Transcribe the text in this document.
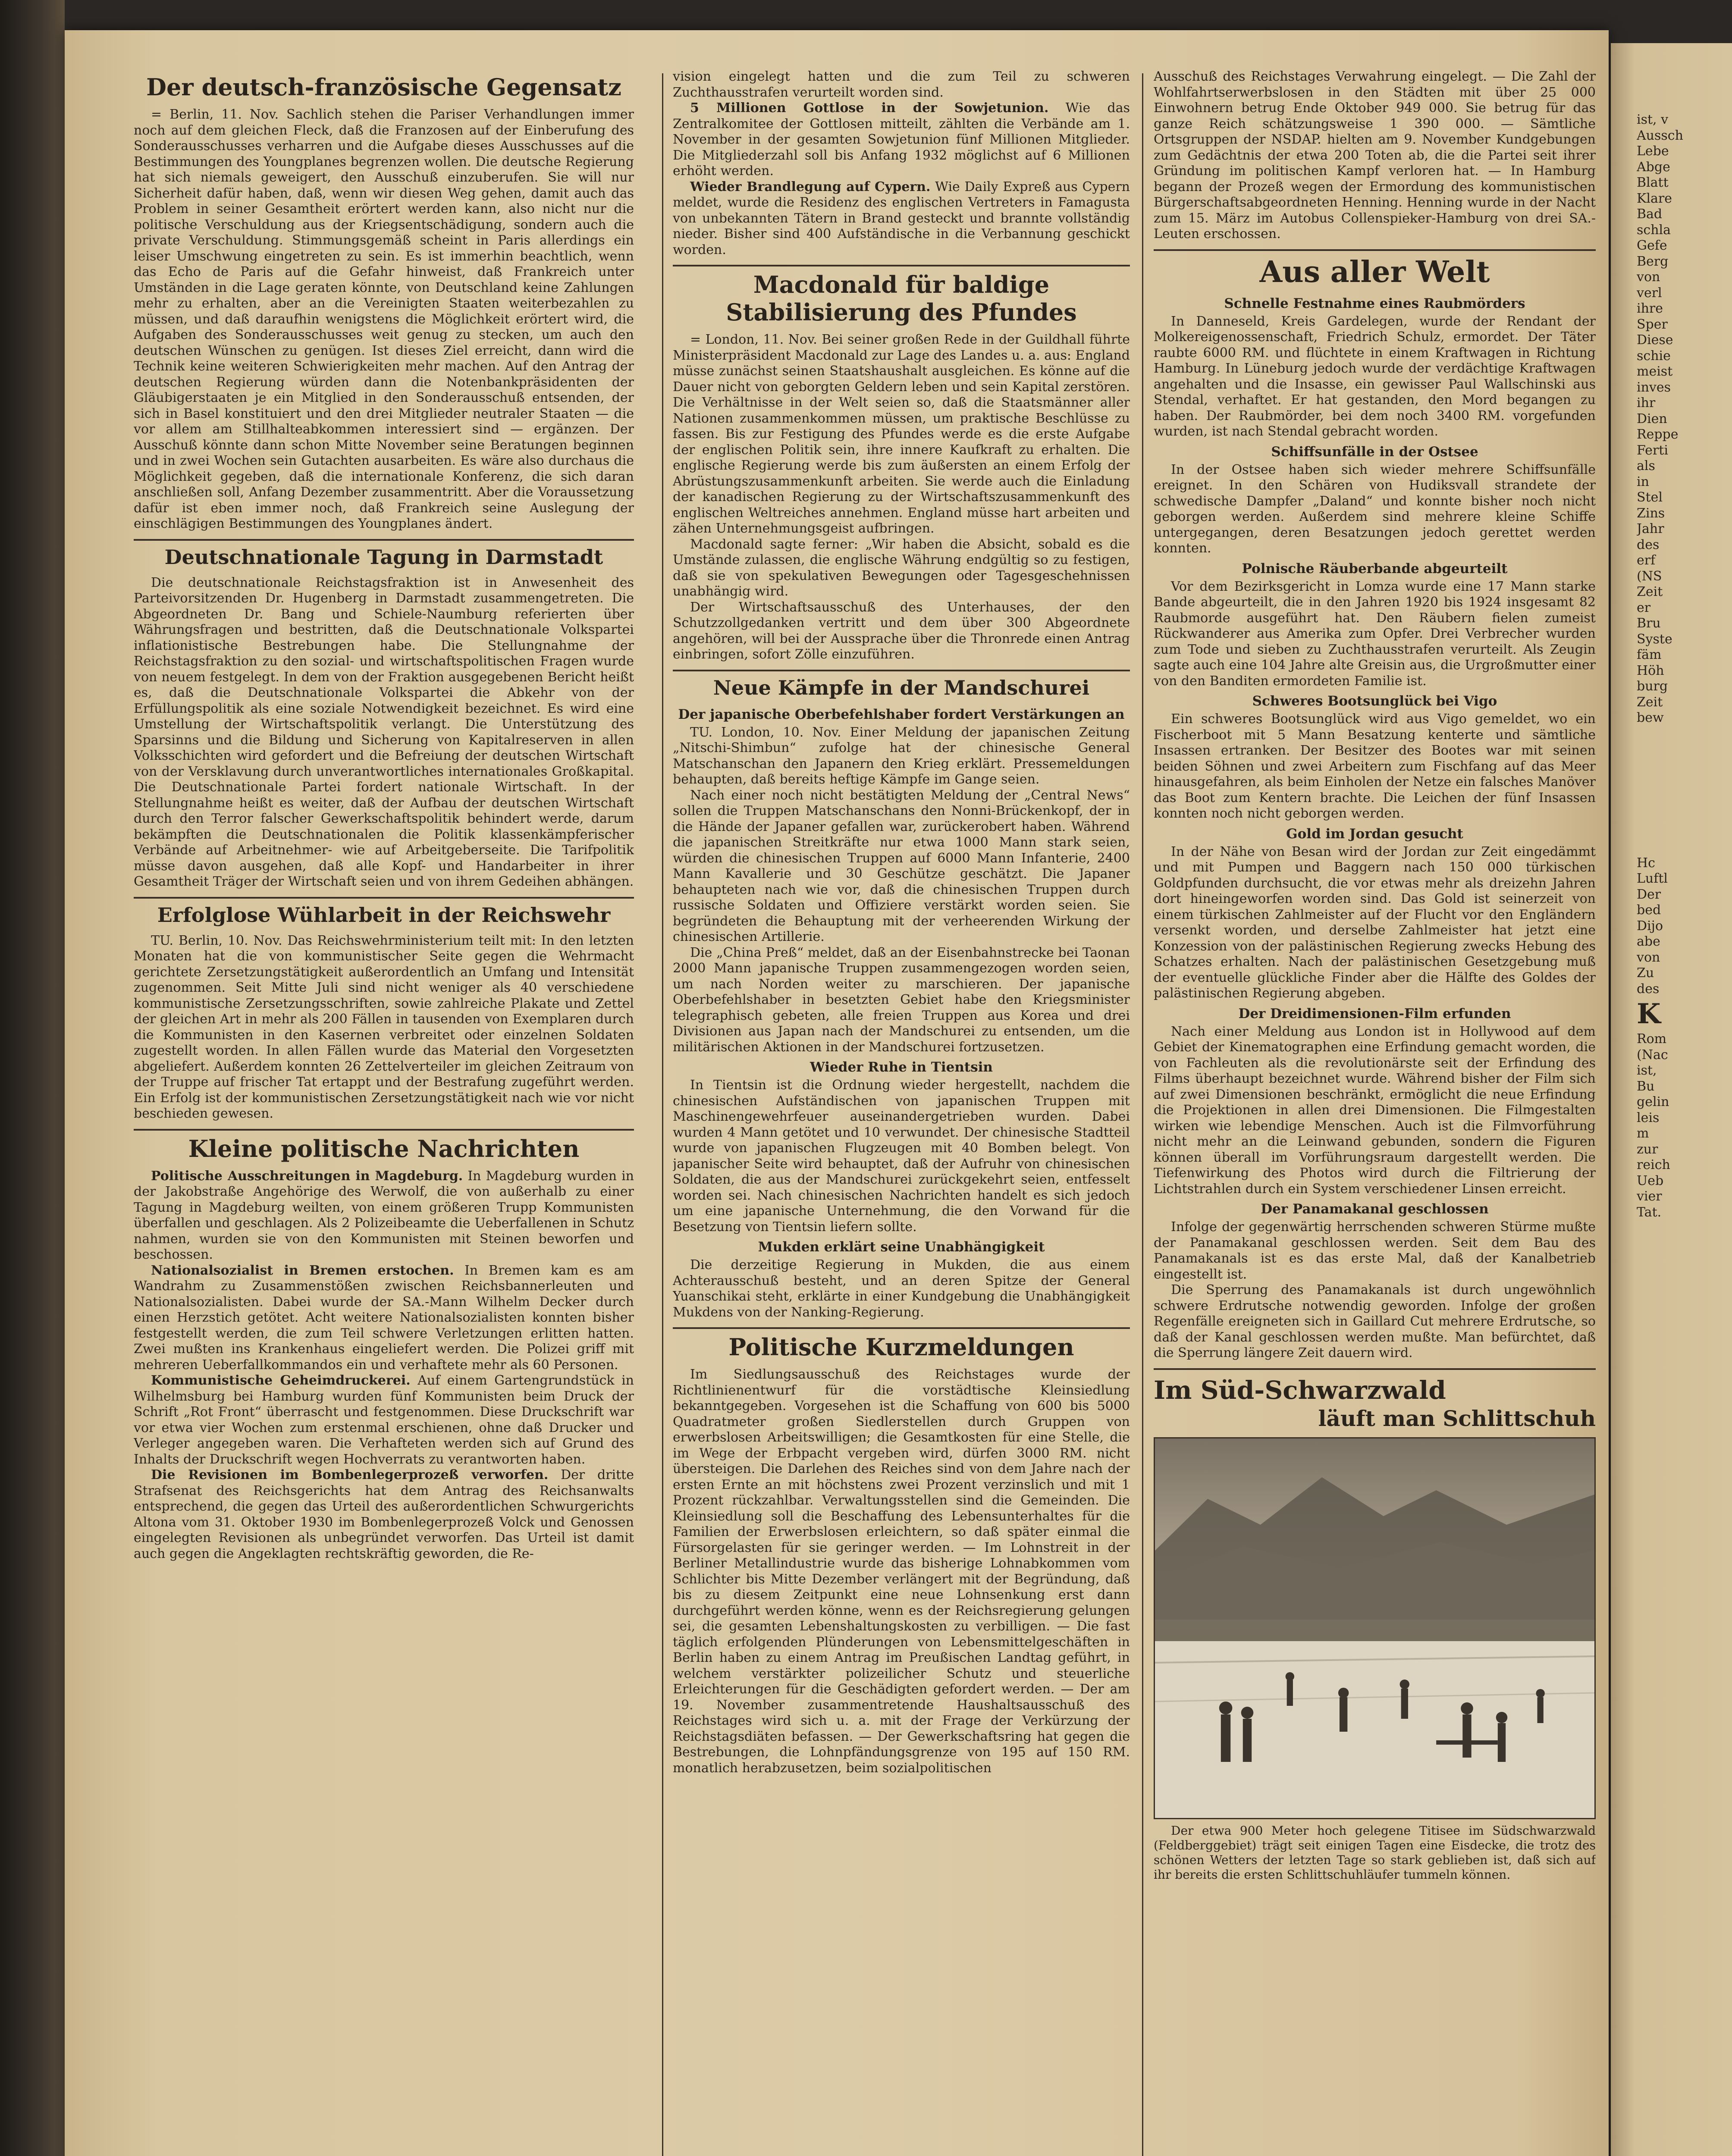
Der deutsch-französische Gegensatz

= Berlin, 11. Nov. Sachlich stehen die Pariser Verhandlungen immer noch auf dem gleichen Fleck, daß die Franzosen auf der Einberufung des Sonderausschusses verharren und die Aufgabe dieses Ausschusses auf die Bestimmungen des Youngplanes begrenzen wollen. Die deutsche Regierung hat sich niemals geweigert, den Ausschuß einzuberufen. Sie will nur Sicherheit dafür haben, daß, wenn wir diesen Weg gehen, damit auch das Problem in seiner Gesamtheit erörtert werden kann, also nicht nur die politische Verschuldung aus der Kriegsentschädigung, sondern auch die private Verschuldung. Stimmungsgemäß scheint in Paris allerdings ein leiser Umschwung eingetreten zu sein. Es ist immerhin beachtlich, wenn das Echo de Paris auf die Gefahr hinweist, daß Frankreich unter Umständen in die Lage geraten könnte, von Deutschland keine Zahlungen mehr zu erhalten, aber an die Vereinigten Staaten weiterbezahlen zu müssen, und daß daraufhin wenigstens die Möglichkeit erörtert wird, die Aufgaben des Sonderausschusses weit genug zu stecken, um auch den deutschen Wünschen zu genügen. Ist dieses Ziel erreicht, dann wird die Technik keine weiteren Schwierigkeiten mehr machen. Auf den Antrag der deutschen Regierung würden dann die Notenbankpräsidenten der Gläubigerstaaten je ein Mitglied in den Sonderausschuß entsenden, der sich in Basel konstituiert und den drei Mitglieder neutraler Staaten — die vor allem am Stillhalteabkommen interessiert sind — ergänzen. Der Ausschuß könnte dann schon Mitte November seine Beratungen beginnen und in zwei Wochen sein Gutachten ausarbeiten. Es wäre also durchaus die Möglichkeit gegeben, daß die internationale Konferenz, die sich daran anschließen soll, Anfang Dezember zusammentritt. Aber die Voraussetzung dafür ist eben immer noch, daß Frankreich seine Auslegung der einschlägigen Bestimmungen des Youngplanes ändert.

Deutschnationale Tagung in Darmstadt

Die deutschnationale Reichstagsfraktion ist in Anwesenheit des Parteivorsitzenden Dr. Hugenberg in Darmstadt zusammengetreten. Die Abgeordneten Dr. Bang und Schiele-Naumburg referierten über Währungsfragen und bestritten, daß die Deutschnationale Volkspartei inflationistische Bestrebungen habe. Die Stellungnahme der Reichstagsfraktion zu den sozial- und wirtschaftspolitischen Fragen wurde von neuem festgelegt. In dem von der Fraktion ausgegebenen Bericht heißt es, daß die Deutschnationale Volkspartei die Abkehr von der Erfüllungspolitik als eine soziale Notwendigkeit bezeichnet. Es wird eine Umstellung der Wirtschaftspolitik verlangt. Die Unterstützung des Sparsinns und die Bildung und Sicherung von Kapitalreserven in allen Volksschichten wird gefordert und die Befreiung der deutschen Wirtschaft von der Versklavung durch unverantwortliches internationales Großkapital. Die Deutschnationale Partei fordert nationale Wirtschaft. In der Stellungnahme heißt es weiter, daß der Aufbau der deutschen Wirtschaft durch den Terror falscher Gewerkschaftspolitik behindert werde, darum bekämpften die Deutschnationalen die Politik klassenkämpferischer Verbände auf Arbeitnehmer- wie auf Arbeitgeberseite. Die Tarifpolitik müsse davon ausgehen, daß alle Kopf- und Handarbeiter in ihrer Gesamtheit Träger der Wirtschaft seien und von ihrem Gedeihen abhängen.

Erfolglose Wühlarbeit in der Reichswehr

TU. Berlin, 10. Nov. Das Reichswehrministerium teilt mit: In den letzten Monaten hat die von kommunistischer Seite gegen die Wehrmacht gerichtete Zersetzungstätigkeit außerordentlich an Umfang und Intensität zugenommen. Seit Mitte Juli sind nicht weniger als 40 verschiedene kommunistische Zersetzungsschriften, sowie zahlreiche Plakate und Zettel der gleichen Art in mehr als 200 Fällen in tausenden von Exemplaren durch die Kommunisten in den Kasernen verbreitet oder einzelnen Soldaten zugestellt worden. In allen Fällen wurde das Material den Vorgesetzten abgeliefert. Außerdem konnten 26 Zettelverteiler im gleichen Zeitraum von der Truppe auf frischer Tat ertappt und der Bestrafung zugeführt werden. Ein Erfolg ist der kommunistischen Zersetzungstätigkeit nach wie vor nicht beschieden gewesen.

Kleine politische Nachrichten

Politische Ausschreitungen in Magdeburg. In Magdeburg wurden in der Jakobstraße Angehörige des Werwolf, die von außerhalb zu einer Tagung in Magdeburg weilten, von einem größeren Trupp Kommunisten überfallen und geschlagen. Als 2 Polizeibeamte die Ueberfallenen in Schutz nahmen, wurden sie von den Kommunisten mit Steinen beworfen und beschossen.

Nationalsozialist in Bremen erstochen. In Bremen kam es am Wandrahm zu Zusammenstößen zwischen Reichsbannerleuten und Nationalsozialisten. Dabei wurde der SA.-Mann Wilhelm Decker durch einen Herzstich getötet. Acht weitere Nationalsozialisten konnten bisher festgestellt werden, die zum Teil schwere Verletzungen erlitten hatten. Zwei mußten ins Krankenhaus eingeliefert werden. Die Polizei griff mit mehreren Ueberfallkommandos ein und verhaftete mehr als 60 Personen.

Kommunistische Geheimdruckerei. Auf einem Gartengrundstück in Wilhelmsburg bei Hamburg wurden fünf Kommunisten beim Druck der Schrift „Rot Front“ überrascht und festgenommen. Diese Druckschrift war vor etwa vier Wochen zum erstenmal erschienen, ohne daß Drucker und Verleger angegeben waren. Die Verhafteten werden sich auf Grund des Inhalts der Druckschrift wegen Hochverrats zu verantworten haben.

Die Revisionen im Bombenlegerprozeß verworfen. Der dritte Strafsenat des Reichsgerichts hat dem Antrag des Reichsanwalts entsprechend, die gegen das Urteil des außerordentlichen Schwurgerichts Altona vom 31. Oktober 1930 im Bombenlegerprozeß Volck und Genossen eingelegten Revisionen als unbegründet verworfen. Das Urteil ist damit auch gegen die Angeklagten rechtskräftig geworden, die Re-

vision eingelegt hatten und die zum Teil zu schweren Zuchthausstrafen verurteilt worden sind.

5 Millionen Gottlose in der Sowjetunion. Wie das Zentralkomitee der Gottlosen mitteilt, zählten die Verbände am 1. November in der gesamten Sowjetunion fünf Millionen Mitglieder. Die Mitgliederzahl soll bis Anfang 1932 möglichst auf 6 Millionen erhöht werden.

Wieder Brandlegung auf Cypern. Wie Daily Expreß aus Cypern meldet, wurde die Residenz des englischen Vertreters in Famagusta von unbekannten Tätern in Brand gesteckt und brannte vollständig nieder. Bisher sind 400 Aufständische in die Verbannung geschickt worden.

Macdonald für baldige Stabilisierung des Pfundes

= London, 11. Nov. Bei seiner großen Rede in der Guildhall führte Ministerpräsident Macdonald zur Lage des Landes u. a. aus: England müsse zunächst seinen Staatshaushalt ausgleichen. Es könne auf die Dauer nicht von geborgten Geldern leben und sein Kapital zerstören. Die Verhältnisse in der Welt seien so, daß die Staatsmänner aller Nationen zusammenkommen müssen, um praktische Beschlüsse zu fassen. Bis zur Festigung des Pfundes werde es die erste Aufgabe der englischen Politik sein, ihre innere Kaufkraft zu erhalten. Die englische Regierung werde bis zum äußersten an einem Erfolg der Abrüstungszusammenkunft arbeiten. Sie werde auch die Einladung der kanadischen Regierung zu der Wirtschaftszusammenkunft des englischen Weltreiches annehmen. England müsse hart arbeiten und zähen Unternehmungsgeist aufbringen.

Macdonald sagte ferner: „Wir haben die Absicht, sobald es die Umstände zulassen, die englische Währung endgültig so zu festigen, daß sie von spekulativen Bewegungen oder Tagesgeschehnissen unabhängig wird.

Der Wirtschaftsausschuß des Unterhauses, der den Schutzzollgedanken vertritt und dem über 300 Abgeordnete angehören, will bei der Aussprache über die Thronrede einen Antrag einbringen, sofort Zölle einzuführen.

Neue Kämpfe in der Mandschurei
Der japanische Oberbefehlshaber fordert Verstärkungen an

TU. London, 10. Nov. Einer Meldung der japanischen Zeitung „Nitschi-Shimbun“ zufolge hat der chinesische General Matschanschan den Japanern den Krieg erklärt. Pressemeldungen behaupten, daß bereits heftige Kämpfe im Gange seien.

Nach einer noch nicht bestätigten Meldung der „Central News“ sollen die Truppen Matschanschans den Nonni-Brückenkopf, der in die Hände der Japaner gefallen war, zurückerobert haben. Während die japanischen Streitkräfte nur etwa 1000 Mann stark seien, würden die chinesischen Truppen auf 6000 Mann Infanterie, 2400 Mann Kavallerie und 30 Geschütze geschätzt. Die Japaner behaupteten nach wie vor, daß die chinesischen Truppen durch russische Soldaten und Offiziere verstärkt worden seien. Sie begründeten die Behauptung mit der verheerenden Wirkung der chinesischen Artillerie.

Die „China Preß“ meldet, daß an der Eisenbahnstrecke bei Taonan 2000 Mann japanische Truppen zusammengezogen worden seien, um nach Norden weiter zu marschieren. Der japanische Oberbefehlshaber in besetzten Gebiet habe den Kriegsminister telegraphisch gebeten, alle freien Truppen aus Korea und drei Divisionen aus Japan nach der Mandschurei zu entsenden, um die militärischen Aktionen in der Mandschurei fortzusetzen.

Wieder Ruhe in Tientsin

In Tientsin ist die Ordnung wieder hergestellt, nachdem die chinesischen Aufständischen von japanischen Truppen mit Maschinengewehrfeuer auseinandergetrieben wurden. Dabei wurden 4 Mann getötet und 10 verwundet. Der chinesische Stadtteil wurde von japanischen Flugzeugen mit 40 Bomben belegt. Von japanischer Seite wird behauptet, daß der Aufruhr von chinesischen Soldaten, die aus der Mandschurei zurückgekehrt seien, entfesselt worden sei. Nach chinesischen Nachrichten handelt es sich jedoch um eine japanische Unternehmung, die den Vorwand für die Besetzung von Tientsin liefern sollte.

Mukden erklärt seine Unabhängigkeit

Die derzeitige Regierung in Mukden, die aus einem Achterausschuß besteht, und an deren Spitze der General Yuanschikai steht, erklärte in einer Kundgebung die Unabhängigkeit Mukdens von der Nanking-Regierung.

Politische Kurzmeldungen

Im Siedlungsausschuß des Reichstages wurde der Richtlinienentwurf für die vorstädtische Kleinsiedlung bekanntgegeben. Vorgesehen ist die Schaffung von 600 bis 5000 Quadratmeter großen Siedlerstellen durch Gruppen von erwerbslosen Arbeitswilligen; die Gesamtkosten für eine Stelle, die im Wege der Erbpacht vergeben wird, dürfen 3000 RM. nicht übersteigen. Die Darlehen des Reiches sind von dem Jahre nach der ersten Ernte an mit höchstens zwei Prozent verzinslich und mit 1 Prozent rückzahlbar. Verwaltungsstellen sind die Gemeinden. Die Kleinsiedlung soll die Beschaffung des Lebensunterhaltes für die Familien der Erwerbslosen erleichtern, so daß später einmal die Fürsorgelasten für sie geringer werden. — Im Lohnstreit in der Berliner Metallindustrie wurde das bisherige Lohnabkommen vom Schlichter bis Mitte Dezember verlängert mit der Begründung, daß bis zu diesem Zeitpunkt eine neue Lohnsenkung erst dann durchgeführt werden könne, wenn es der Reichsregierung gelungen sei, die gesamten Lebenshaltungskosten zu verbilligen. — Die fast täglich erfolgenden Plünderungen von Lebensmittelgeschäften in Berlin haben zu einem Antrag im Preußischen Landtag geführt, in welchem verstärkter polizeilicher Schutz und steuerliche Erleichterungen für die Geschädigten gefordert werden. — Der am 19. November zusammentretende Haushaltsausschuß des Reichstages wird sich u. a. mit der Frage der Verkürzung der Reichstagsdiäten befassen. — Der Gewerkschaftsring hat gegen die Bestrebungen, die Lohnpfändungsgrenze von 195 auf 150 RM. monatlich herabzusetzen, beim sozialpolitischen

Ausschuß des Reichstages Verwahrung eingelegt. — Die Zahl der Wohlfahrtserwerbslosen in den Städten mit über 25 000 Einwohnern betrug Ende Oktober 949 000. Sie betrug für das ganze Reich schätzungsweise 1 390 000. — Sämtliche Ortsgruppen der NSDAP. hielten am 9. November Kundgebungen zum Gedächtnis der etwa 200 Toten ab, die die Partei seit ihrer Gründung im politischen Kampf verloren hat. — In Hamburg begann der Prozeß wegen der Ermordung des kommunistischen Bürgerschaftsabgeordneten Henning. Henning wurde in der Nacht zum 15. März im Autobus Collenspieker-Hamburg von drei SA.-Leuten erschossen.

Aus aller Welt
Schnelle Festnahme eines Raubmörders

In Danneseld, Kreis Gardelegen, wurde der Rendant der Molkereigenossenschaft, Friedrich Schulz, ermordet. Der Täter raubte 6000 RM. und flüchtete in einem Kraftwagen in Richtung Hamburg. In Lüneburg jedoch wurde der verdächtige Kraftwagen angehalten und die Insasse, ein gewisser Paul Wallschinski aus Stendal, verhaftet. Er hat gestanden, den Mord begangen zu haben. Der Raubmörder, bei dem noch 3400 RM. vorgefunden wurden, ist nach Stendal gebracht worden.

Schiffsunfälle in der Ostsee

In der Ostsee haben sich wieder mehrere Schiffsunfälle ereignet. In den Schären von Hudiksvall strandete der schwedische Dampfer „Daland“ und konnte bisher noch nicht geborgen werden. Außerdem sind mehrere kleine Schiffe untergegangen, deren Besatzungen jedoch gerettet werden konnten.

Polnische Räuberbande abgeurteilt

Vor dem Bezirksgericht in Lomza wurde eine 17 Mann starke Bande abgeurteilt, die in den Jahren 1920 bis 1924 insgesamt 82 Raubmorde ausgeführt hat. Den Räubern fielen zumeist Rückwanderer aus Amerika zum Opfer. Drei Verbrecher wurden zum Tode und sieben zu Zuchthausstrafen verurteilt. Als Zeugin sagte auch eine 104 Jahre alte Greisin aus, die Urgroßmutter einer von den Banditen ermordeten Familie ist.

Schweres Bootsunglück bei Vigo

Ein schweres Bootsunglück wird aus Vigo gemeldet, wo ein Fischerboot mit 5 Mann Besatzung kenterte und sämtliche Insassen ertranken. Der Besitzer des Bootes war mit seinen beiden Söhnen und zwei Arbeitern zum Fischfang auf das Meer hinausgefahren, als beim Einholen der Netze ein falsches Manöver das Boot zum Kentern brachte. Die Leichen der fünf Insassen konnten noch nicht geborgen werden.

Gold im Jordan gesucht

In der Nähe von Besan wird der Jordan zur Zeit eingedämmt und mit Pumpen und Baggern nach 150 000 türkischen Goldpfunden durchsucht, die vor etwas mehr als dreizehn Jahren dort hineingeworfen worden sind. Das Gold ist seinerzeit von einem türkischen Zahlmeister auf der Flucht vor den Engländern versenkt worden, und derselbe Zahlmeister hat jetzt eine Konzession von der palästinischen Regierung zwecks Hebung des Schatzes erhalten. Nach der palästinischen Gesetzgebung muß der eventuelle glückliche Finder aber die Hälfte des Goldes der palästinischen Regierung abgeben.

Der Dreidimensionen-Film erfunden

Nach einer Meldung aus London ist in Hollywood auf dem Gebiet der Kinematographen eine Erfindung gemacht worden, die von Fachleuten als die revolutionärste seit der Erfindung des Films überhaupt bezeichnet wurde. Während bisher der Film sich auf zwei Dimensionen beschränkt, ermöglicht die neue Erfindung die Projektionen in allen drei Dimensionen. Die Filmgestalten wirken wie lebendige Menschen. Auch ist die Filmvorführung nicht mehr an die Leinwand gebunden, sondern die Figuren können überall im Vorführungsraum dargestellt werden. Die Tiefenwirkung des Photos wird durch die Filtrierung der Lichtstrahlen durch ein System verschiedener Linsen erreicht.

Der Panamakanal geschlossen

Infolge der gegenwärtig herrschenden schweren Stürme mußte der Panamakanal geschlossen werden. Seit dem Bau des Panamakanals ist es das erste Mal, daß der Kanalbetrieb eingestellt ist.

Die Sperrung des Panamakanals ist durch ungewöhnlich schwere Erdrutsche notwendig geworden. Infolge der großen Regenfälle ereigneten sich in Gaillard Cut mehrere Erdrutsche, so daß der Kanal geschlossen werden mußte. Man befürchtet, daß die Sperrung längere Zeit dauern wird.

Im Süd-Schwarzwald
läuft man Schlittschuh

Der etwa 900 Meter hoch gelegene Titisee im Südschwarzwald (Feldberggebiet) trägt seit einigen Tagen eine Eisdecke, die trotz des schönen Wetters der letzten Tage so stark geblieben ist, daß sich auf ihr bereits die ersten Schlittschuhläufer tummeln können.

ist, v
Aussch
Lebe
Abge
Blatt
Klare
Bad
schla
Gefe
Berg
von
verl
ihre
Sper
Diese
schie
meist
inves
ihr
Dien
Reppe
Ferti
als
in
Stel
Zins
Jahr
des
erf
(NS
Zeit
er
Bru
Syste
fäm
Höh
burg
Zeit
bew
Hc
Luftl
Der
bed
Dijo
abe
von
Zu
des
K
Rom
(Nac
ist,
Bu
gelin
leis
m
zur
reich
Ueb
vier
Tat.
